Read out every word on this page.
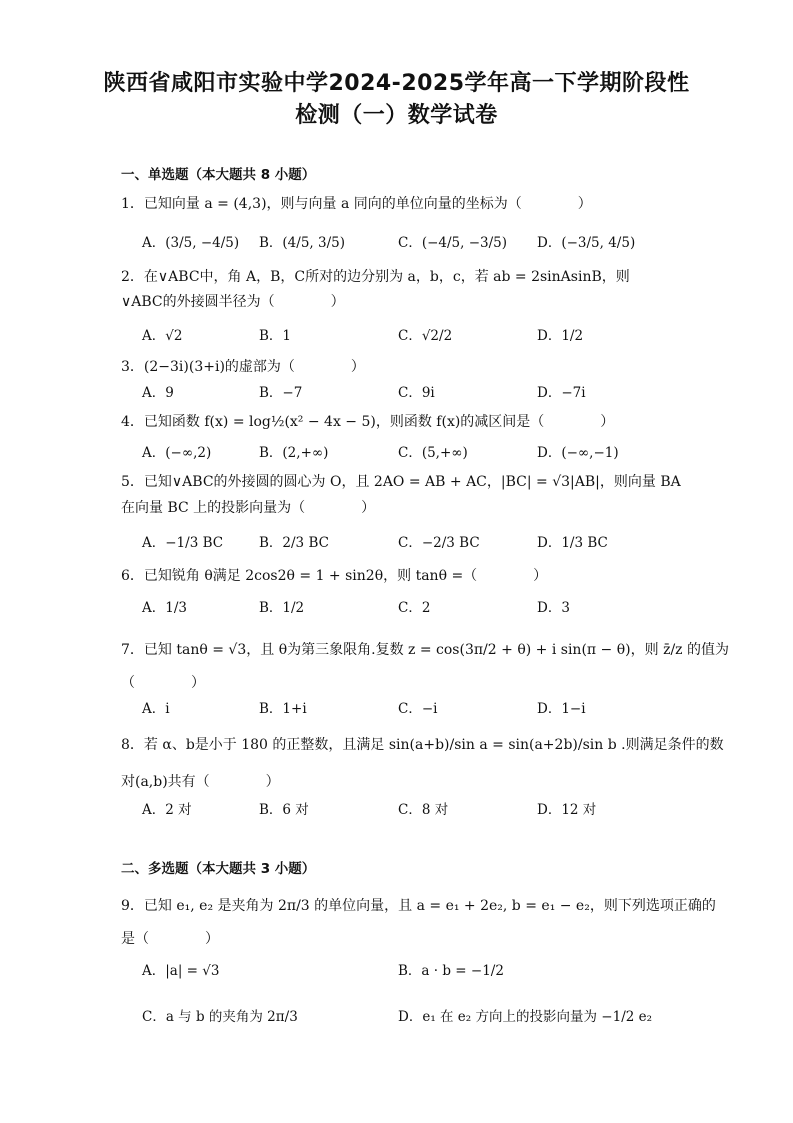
陕西省咸阳市实验中学2024-2025学年高一下学期阶段性
检测（一）数学试卷
一、单选题（本大题共 8 小题）
1．已知向量 a = (4,3)，则与向量 a 同向的单位向量的坐标为（　　　　）
A．(3/5, −4/5) B．(4/5, 3/5)	C．(−4/5, −3/5) D．(−3/5, 4/5)
2．在∨ABC中，角 A，B，C所对的边分别为 a，b，c，若 ab = 2sinAsinB，则
∨ABC的外接圆半径为（　　　　）
A．√2	B．1	C．√2/2	D．1/2
3．(2−3i)(3+i)的虚部为（　　　　）
A．9	B．−7	C．9i	D．−7i
4．已知函数 f(x) = log½(x² − 4x − 5)，则函数 f(x)的减区间是（　　　　）
A．(−∞,2)	B．(2,+∞)	C．(5,+∞)	D．(−∞,−1)
5．已知∨ABC的外接圆的圆心为 O，且 2AO = AB + AC，|BC| = √3|AB|，则向量 BA
在向量 BC 上的投影向量为（　　　　）
A．−1/3 BC	B．2/3 BC	C．−2/3 BC	D．1/3 BC
6．已知锐角 θ满足 2cos2θ = 1 + sin2θ，则 tanθ =（　　　　）
A．1/3	B．1/2	C．2	D．3
7．已知 tanθ = √3，且 θ为第三象限角.复数 z = cos(3π/2 + θ) + i sin(π − θ)，则 z̄/z 的值为
（　　　　）
A．i	B．1+i	C．−i	D．1−i
8．若 α、b是小于 180 的正整数，且满足 sin(a+b)/sin a = sin(a+2b)/sin b .则满足条件的数
对(a,b)共有（　　　　）
A．2 对	B．6 对	C．8 对	D．12 对
二、多选题（本大题共 3 小题）
9．已知 e₁, e₂ 是夹角为 2π/3 的单位向量，且 a = e₁ + 2e₂, b = e₁ − e₂，则下列选项正确的
是（　　　　）
A．|a| = √3	B．a · b = −1/2
C．a 与 b 的夹角为 2π/3	D．e₁ 在 e₂ 方向上的投影向量为 −1/2 e₂
